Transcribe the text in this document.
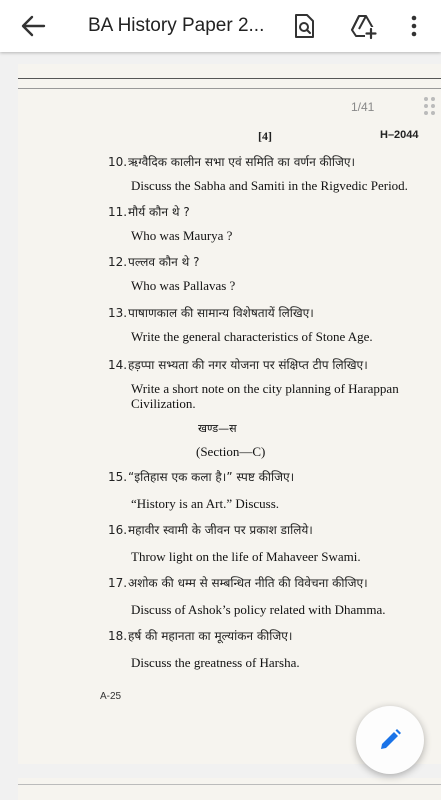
BA History Paper 2...
1/41
[4]	H–2044
10.ऋग्वैदिक कालीन सभा एवं समिति का वर्णन कीजिए।
Discuss the Sabha and Samiti in the Rigvedic Period.
11.मौर्य कौन थे ?
Who was Maurya ?
12.पल्लव कौन थे ?
Who was Pallavas ?
13.पाषाणकाल की सामान्य विशेषतायें लिखिए।
Write the general characteristics of Stone Age.
14.हड़प्पा सभ्यता की नगर योजना पर संक्षिप्त टीप लिखिए।
Write a short note on the city planning of Harappan
Civilization.
खण्ड—स
(Section—C)
15.“इतिहास एक कला है।” स्पष्ट कीजिए।
“History is an Art.” Discuss.
16.महावीर स्वामी के जीवन पर प्रकाश डालिये।
Throw light on the life of Mahaveer Swami.
17.अशोक की धम्म से सम्बन्धित नीति की विवेचना कीजिए।
Discuss of Ashok’s policy related with Dhamma.
18.हर्ष की महानता का मूल्यांकन कीजिए।
Discuss the greatness of Harsha.
A-25
